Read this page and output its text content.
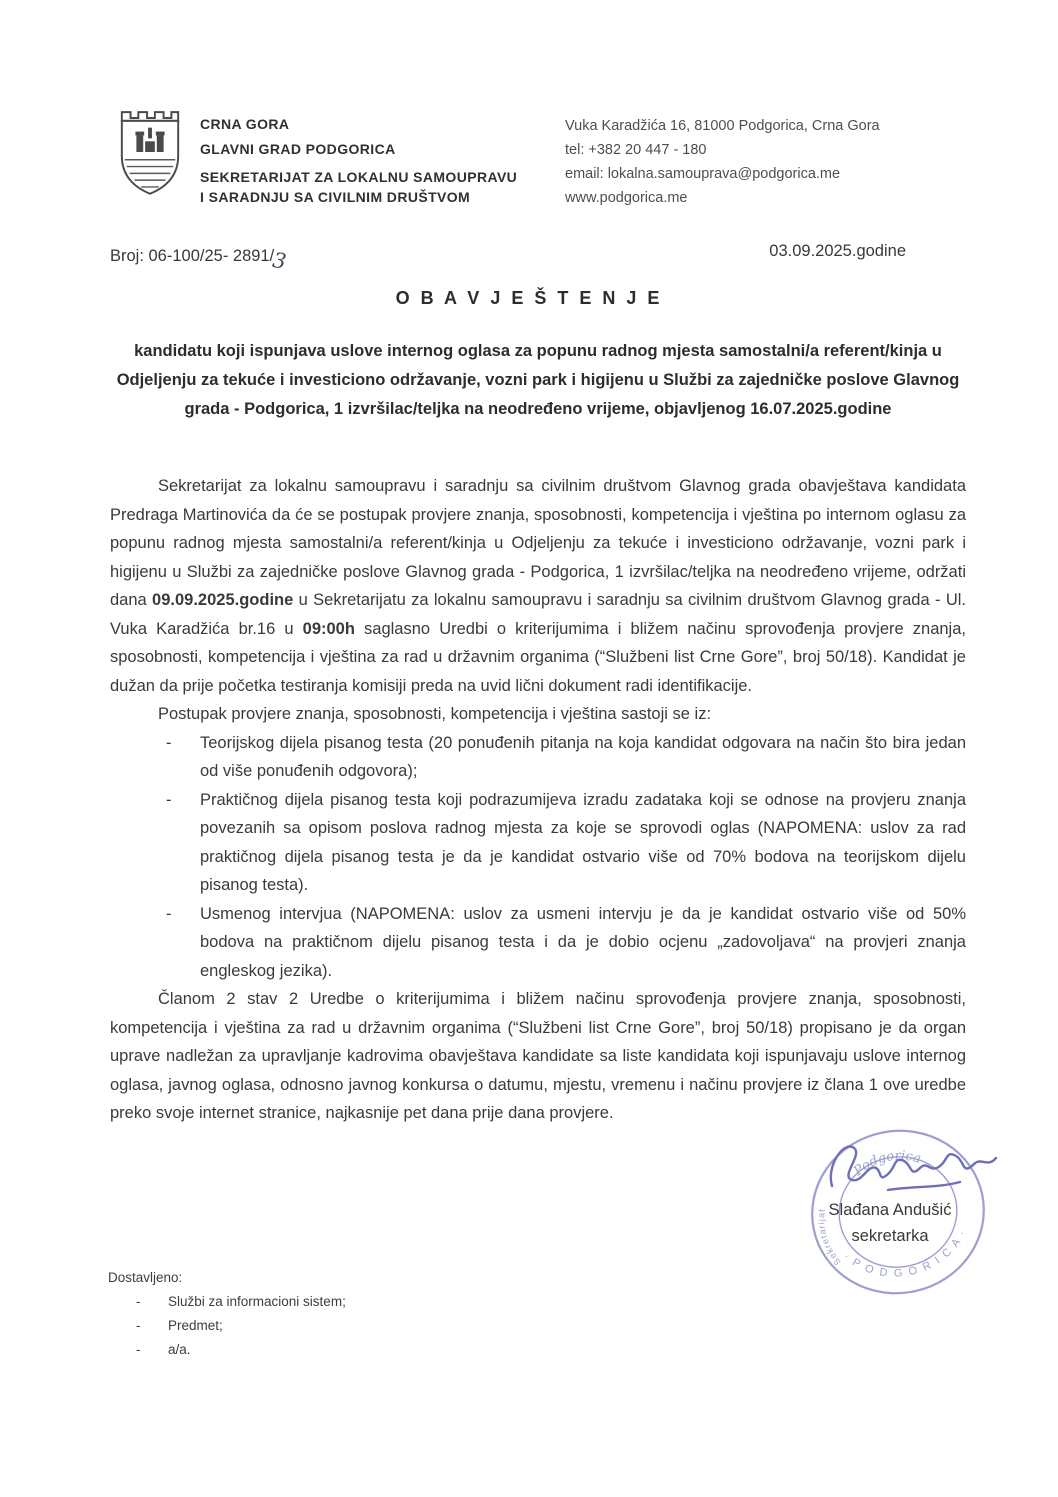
CRNA GORA
GLAVNI GRAD PODGORICA
SEKRETARIJAT ZA LOKALNU SAMOUPRAVU
I SARADNJU SA CIVILNIM DRUŠTVOM
Vuka Karadžića 16, 81000 Podgorica, Crna Gora
tel: +382 20 447 - 180
email: lokalna.samouprava@podgorica.me
www.podgorica.me
Broj: 06-100/25- 2891/3	03.09.2025.godine
O B A V J E Š T E N J E
kandidatu koji ispunjava uslove internog oglasa za popunu radnog mjesta samostalni/a referent/kinja u Odjeljenju za tekuće i investiciono održavanje, vozni park i higijenu u Službi za zajedničke poslove Glavnog grada - Podgorica, 1 izvršilac/teljka na neodređeno vrijeme, objavljenog 16.07.2025.godine

Sekretarijat za lokalnu samoupravu i saradnju sa civilnim društvom Glavnog grada obavještava kandidata Predraga Martinovića da će se postupak provjere znanja, sposobnosti, kompetencija i vještina po internom oglasu za popunu radnog mjesta samostalni/a referent/kinja u Odjeljenju za tekuće i investiciono održavanje, vozni park i higijenu u Službi za zajedničke poslove Glavnog grada - Podgorica, 1 izvršilac/teljka na neodređeno vrijeme, održati dana 09.09.2025.godine u Sekretarijatu za lokalnu samoupravu i saradnju sa civilnim društvom Glavnog grada - Ul. Vuka Karadžića br.16 u 09:00h saglasno Uredbi o kriterijumima i bližem načinu sprovođenja provjere znanja, sposobnosti, kompetencija i vještina za rad u državnim organima (“Službeni list Crne Gore”, broj 50/18). Kandidat je dužan da prije početka testiranja komisiji preda na uvid lični dokument radi identifikacije.

Postupak provjere znanja, sposobnosti, kompetencija i vještina sastoji se iz:

-	Teorijskog dijela pisanog testa (20 ponuđenih pitanja na koja kandidat odgovara na način što bira jedan od više ponuđenih odgovora);
-	Praktičnog dijela pisanog testa koji podrazumijeva izradu zadataka koji se odnose na provjeru znanja povezanih sa opisom poslova radnog mjesta za koje se sprovodi oglas (NAPOMENA: uslov za rad praktičnog dijela pisanog testa je da je kandidat ostvario više od 70% bodova na teorijskom dijelu pisanog testa).
-	Usmenog intervjua (NAPOMENA: uslov za usmeni intervju je da je kandidat ostvario više od 50% bodova na praktičnom dijelu pisanog testa i da je dobio ocjenu „zadovoljava“ na provjeri znanja engleskog jezika).

Članom 2 stav 2 Uredbe o kriterijumima i bližem načinu sprovođenja provjere znanja, sposobnosti, kompetencija i vještina za rad u državnim organima (“Službeni list Crne Gore”, broj 50/18) propisano je da organ uprave nadležan za upravljanje kadrovima obavještava kandidate sa liste kandidata koji ispunjavaju uslove internog oglasa, javnog oglasa, odnosno javnog konkursa o datumu, mjestu, vremenu i načinu provjere iz člana 1 ove uredbe preko svoje internet stranice, najkasnije pet dana prije dana provjere.

Podgorica
· P O D G O R I C A ·
Sekretarijat Slađana Andušić
sekretarka
Dostavljeno:
-	Službi za informacioni sistem;
-	Predmet;
-	a/a.
